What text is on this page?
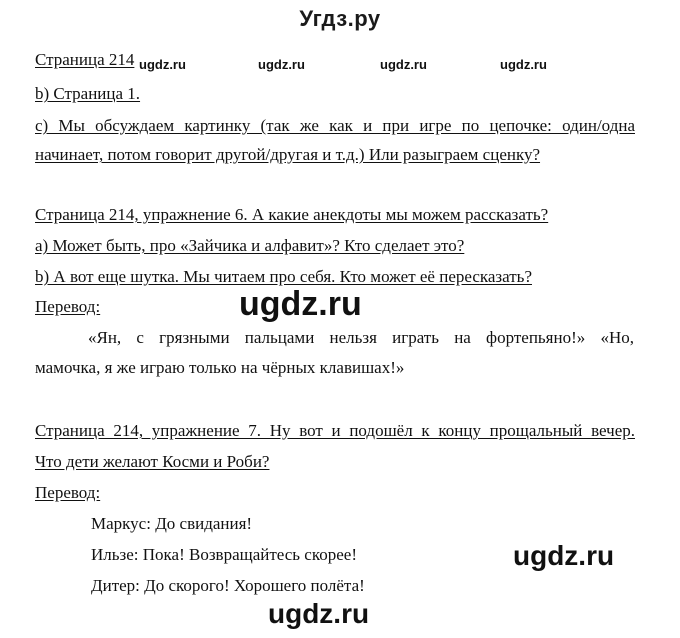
Угдз.ру
ugdz.ru	ugdz.ru	ugdz.ru	ugdz.ru
Страница 214
b) Страница 1.
с) Мы обсуждаем картинку (так же как и при игре по цепочке: один/одна
начинает, потом говорит другой/другая и т.д.) Или разыграем сценку?
Страница 214, упражнение 6. А какие анекдоты мы можем рассказать?
a) Может быть, про «Зайчика и алфавит»? Кто сделает это?
b) А вот еще шутка. Мы читаем про себя. Кто может её пересказать?
Перевод:	ugdz.ru
«Ян, с грязными пальцами нельзя играть на фортепьяно!» «Но,
мамочка, я же играю только на чёрных клавишах!»
Страница 214, упражнение 7. Ну вот и подошёл к концу прощальный вечер.
Что дети желают Косми и Роби?
Перевод:
Маркус: До свидания!
Ильзе: Пока! Возвращайтесь скорее!
Дитер: До скорого! Хорошего полёта!
ugdz.ru
ugdz.ru
